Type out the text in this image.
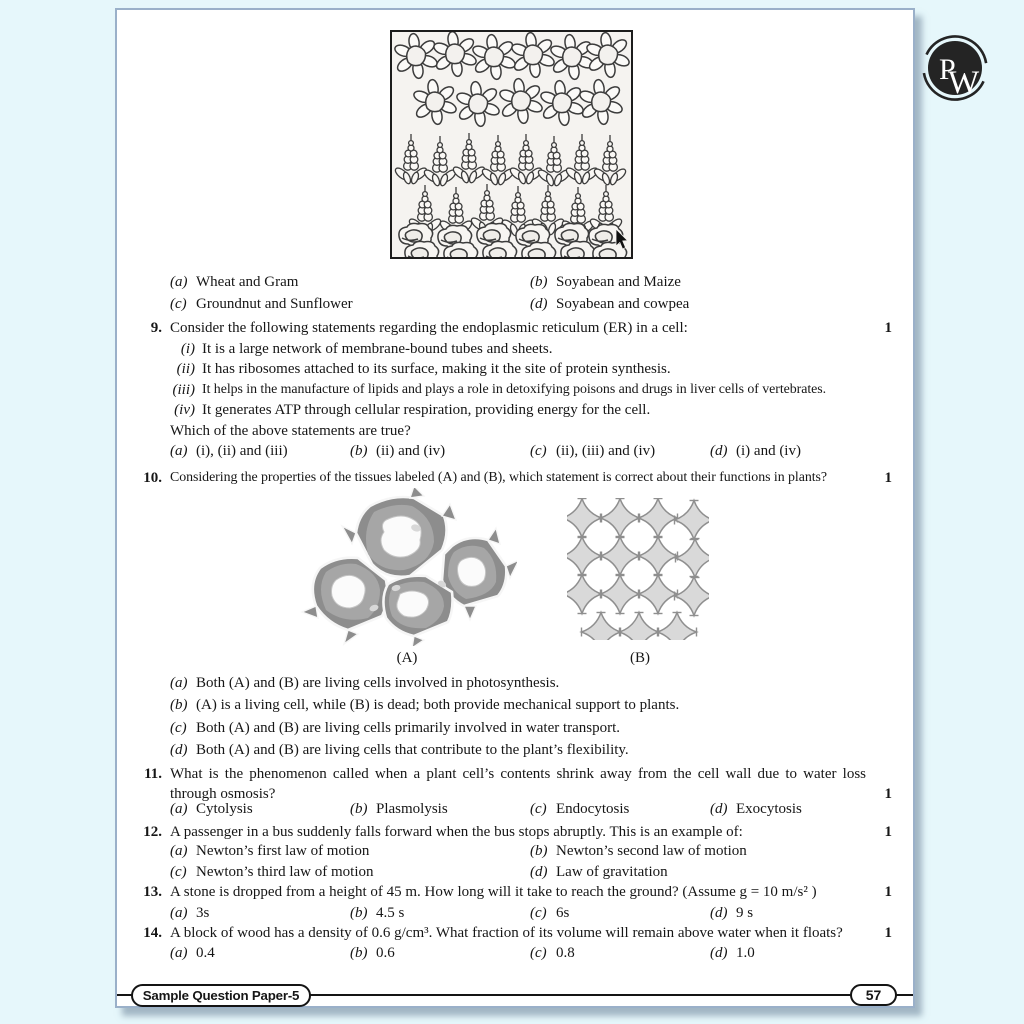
(a) Wheat and Gram	(b) Soyabean and Maize
(c) Groundnut and Sunflower	(d) Soyabean and cowpea
9. Consider the following statements regarding the endoplasmic reticulum (ER) in a cell:	1
(i) It is a large network of membrane-bound tubes and sheets.
(ii) It has ribosomes attached to its surface, making it the site of protein synthesis.
(iii) It helps in the manufacture of lipids and plays a role in detoxifying poisons and drugs in liver cells of vertebrates.
(iv) It generates ATP through cellular respiration, providing energy for the cell.
Which of the above statements are true?
(a) (i), (ii) and (iii)	(b) (ii) and (iv)	(c) (ii), (iii) and (iv)	(d) (i) and (iv)
10. Considering the properties of the tissues labeled (A) and (B), which statement is correct about their functions in plants?	1
(A)	(B)
(a) Both (A) and (B) are living cells involved in photosynthesis.
(b) (A) is a living cell, while (B) is dead; both provide mechanical support to plants.
(c) Both (A) and (B) are living cells primarily involved in water transport.
(d) Both (A) and (B) are living cells that contribute to the plant’s flexibility.
11. What is the phenomenon called when a plant cell’s contents shrink away from the cell wall due to water loss through osmosis?	1
(a) Cytolysis	(b) Plasmolysis	(c) Endocytosis	(d) Exocytosis
12. A passenger in a bus suddenly falls forward when the bus stops abruptly. This is an example of:	1
(a) Newton’s first law of motion	(b) Newton’s second law of motion
(c) Newton’s third law of motion	(d) Law of gravitation
13. A stone is dropped from a height of 45 m. How long will it take to reach the ground? (Assume g = 10 m/s² )	1
(a) 3s	(b) 4.5 s	(c) 6s	(d) 9 s
14. A block of wood has a density of 0.6 g/cm³. What fraction of its volume will remain above water when it floats?	1
(a) 0.4	(b) 0.6	(c) 0.8	(d) 1.0
Sample Question Paper-5	57
P
W
